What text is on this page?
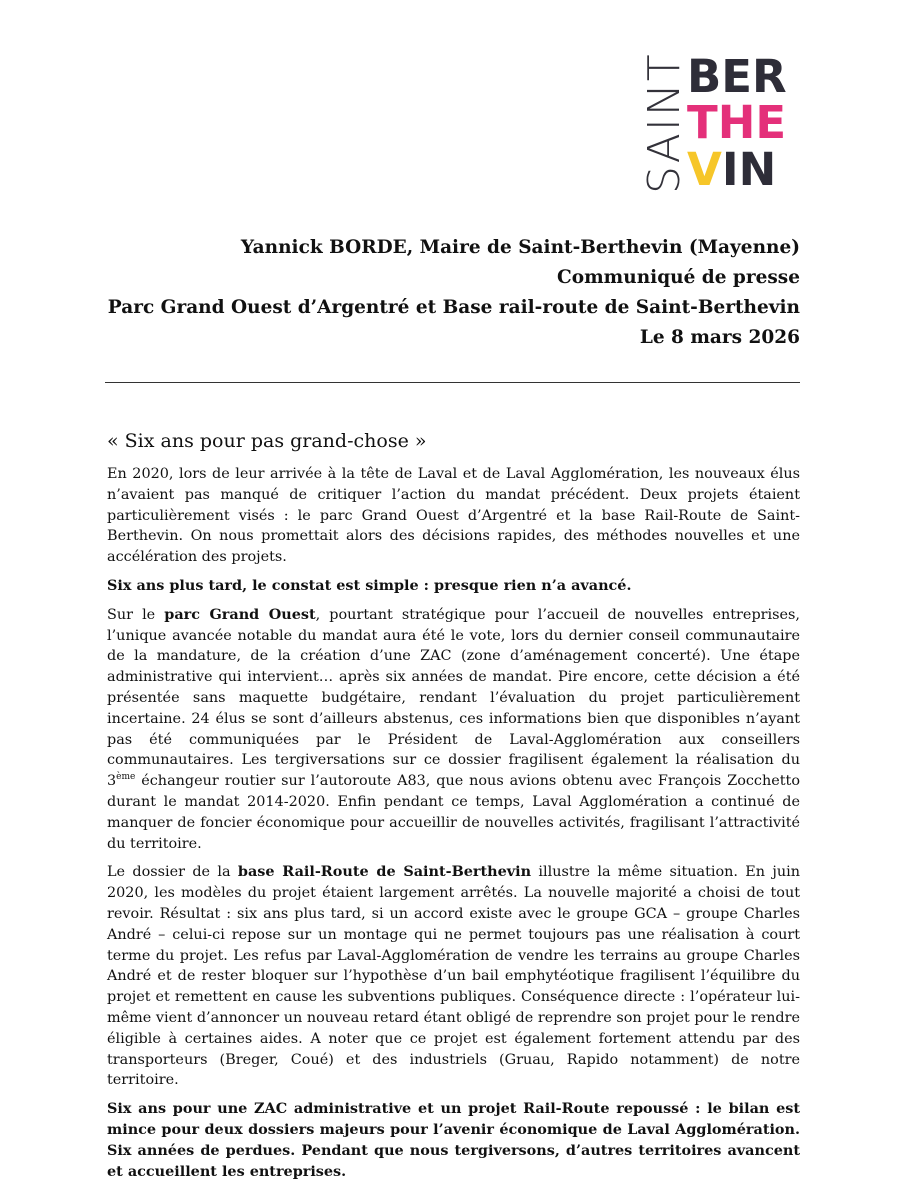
SAINT
BER
THE
VIN
Yannick BORDE, Maire de Saint-Berthevin (Mayenne)
Communiqué de presse
Parc Grand Ouest d’Argentré et Base rail-route de Saint-Berthevin
Le 8 mars 2026
« Six ans pour pas grand-chose »

En 2020, lors de leur arrivée à la tête de Laval et de Laval Agglomération, les nouveaux élus n’avaient pas manqué de critiquer l’action du mandat précédent. Deux projets étaient particulièrement visés : le parc Grand Ouest d’Argentré et la base Rail-Route de Saint-Berthevin. On nous promettait alors des décisions rapides, des méthodes nouvelles et une accélération des projets.

Six ans plus tard, le constat est simple : presque rien n’a avancé.

Sur le parc Grand Ouest, pourtant stratégique pour l’accueil de nouvelles entreprises, l’unique avancée notable du mandat aura été le vote, lors du dernier conseil communautaire de la mandature, de la création d’une ZAC (zone d’aménagement concerté). Une étape administrative qui intervient… après six années de mandat. Pire encore, cette décision a été présentée sans maquette budgétaire, rendant l’évaluation du projet particulièrement incertaine. 24 élus se sont d’ailleurs abstenus, ces informations bien que disponibles n’ayant pas été communiquées par le Président de Laval-Agglomération aux conseillers communautaires. Les tergiversations sur ce dossier fragilisent également la réalisation du 3ème échangeur routier sur l’autoroute A83, que nous avions obtenu avec François Zocchetto durant le mandat 2014-2020. Enfin pendant ce temps, Laval Agglomération a continué de manquer de foncier économique pour accueillir de nouvelles activités, fragilisant l’attractivité du territoire.

Le dossier de la base Rail-Route de Saint-Berthevin illustre la même situation. En juin 2020, les modèles du projet étaient largement arrêtés. La nouvelle majorité a choisi de tout revoir. Résultat : six ans plus tard, si un accord existe avec le groupe GCA – groupe Charles André – celui-ci repose sur un montage qui ne permet toujours pas une réalisation à court terme du projet. Les refus par Laval-Agglomération de vendre les terrains au groupe Charles André et de rester bloquer sur l’hypothèse d’un bail emphytéotique fragilisent l’équilibre du projet et remettent en cause les subventions publiques. Conséquence directe : l’opérateur lui-même vient d’annoncer un nouveau retard étant obligé de reprendre son projet pour le rendre éligible à certaines aides. A noter que ce projet est également fortement attendu par des transporteurs (Breger, Coué) et des industriels (Gruau, Rapido notamment) de notre territoire.

Six ans pour une ZAC administrative et un projet Rail-Route repoussé : le bilan est mince pour deux dossiers majeurs pour l’avenir économique de Laval Agglomération. Six années de perdues. Pendant que nous tergiversons, d’autres territoires avancent et accueillent les entreprises.
